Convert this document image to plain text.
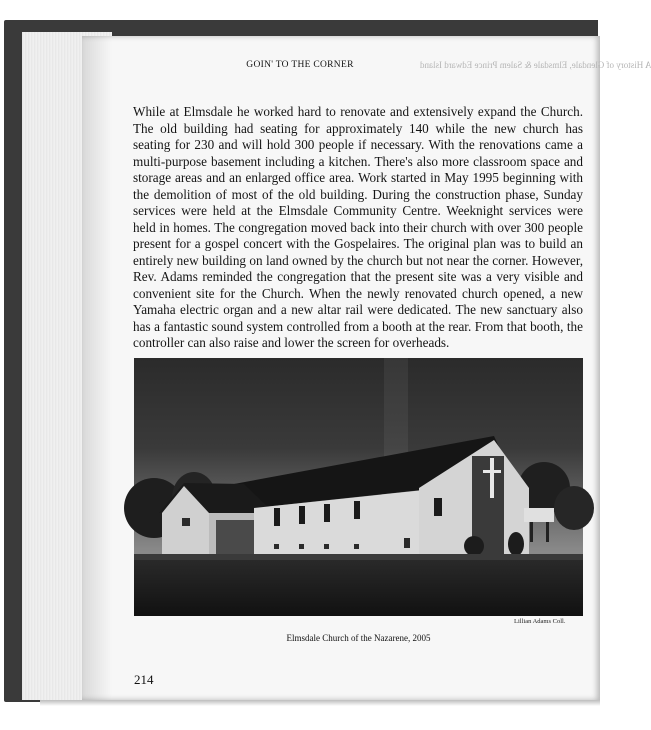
A History of Glendale, Elmsdale & Salem Prince Edward Island
GOIN' TO THE CORNER
While at Elmsdale he worked hard to renovate and extensively expand the Church. The old building had seating for approximately 140 while the new church has seating for 230 and will hold 300 people if necessary. With the renovations came a multi-purpose basement including a kitchen. There's also more classroom space and storage areas and an enlarged office area. Work started in May 1995 beginning with the demolition of most of the old building. During the construction phase, Sunday services were held at the Elmsdale Community Centre. Weeknight services were held in homes. The congregation moved back into their church with over 300 people present for a gospel concert with the Gospelaires. The original plan was to build an entirely new building on land owned by the church but not near the corner. However, Rev. Adams reminded the congregation that the present site was a very visible and convenient site for the Church. When the newly renovated church opened, a new Yamaha electric organ and a new altar rail were dedicated. The new sanctuary also has a fantastic sound system controlled from a booth at the rear. From that booth, the controller can also raise and lower the screen for overheads.
Lillian Adams Coll.
Elmsdale Church of the Nazarene, 2005
214
